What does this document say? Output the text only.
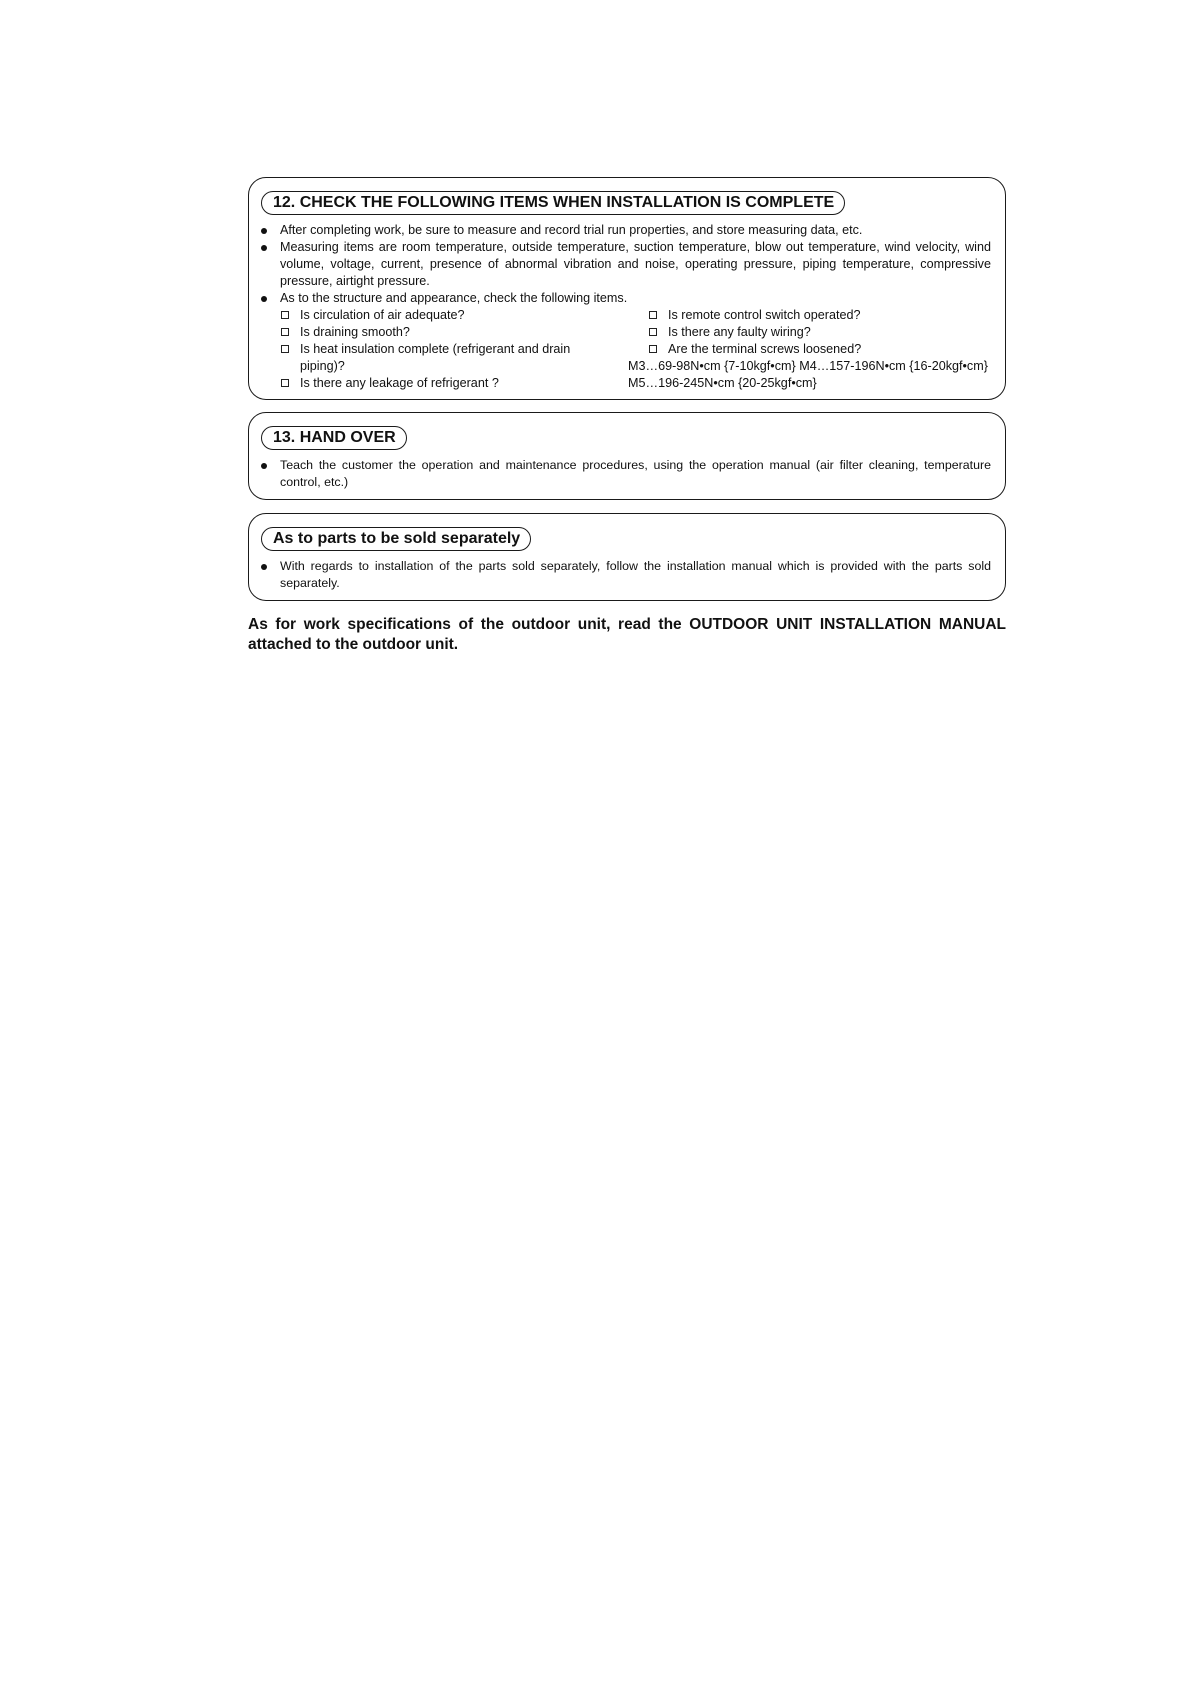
12. CHECK THE FOLLOWING ITEMS WHEN INSTALLATION IS COMPLETE
After completing work, be sure to measure and record trial run properties, and store measuring data, etc.
Measuring items are room temperature, outside temperature, suction temperature, blow out temperature, wind velocity, wind volume, voltage, current, presence of abnormal vibration and noise, operating pressure, piping temperature, compressive pressure, airtight pressure.
As to the structure and appearance, check the following items.
Is circulation of air adequate?
Is draining smooth?
Is heat insulation complete (refrigerant and drain
piping)?
Is there any leakage of refrigerant ?
Is remote control switch operated?
Is there any faulty wiring?
Are the terminal screws loosened?
M3…69-98N•cm {7-10kgf•cm} M4…157-196N•cm {16-20kgf•cm}
M5…196-245N•cm {20-25kgf•cm}
13. HAND OVER
Teach the customer the operation and maintenance procedures, using the operation manual (air filter cleaning, temperature control, etc.)
As to parts to be sold separately
With regards to installation of the parts sold separately, follow the installation manual which is provided with the parts sold separately.
As for work specifications of the outdoor unit, read the OUTDOOR UNIT INSTALLATION MANUAL attached to the outdoor unit.
